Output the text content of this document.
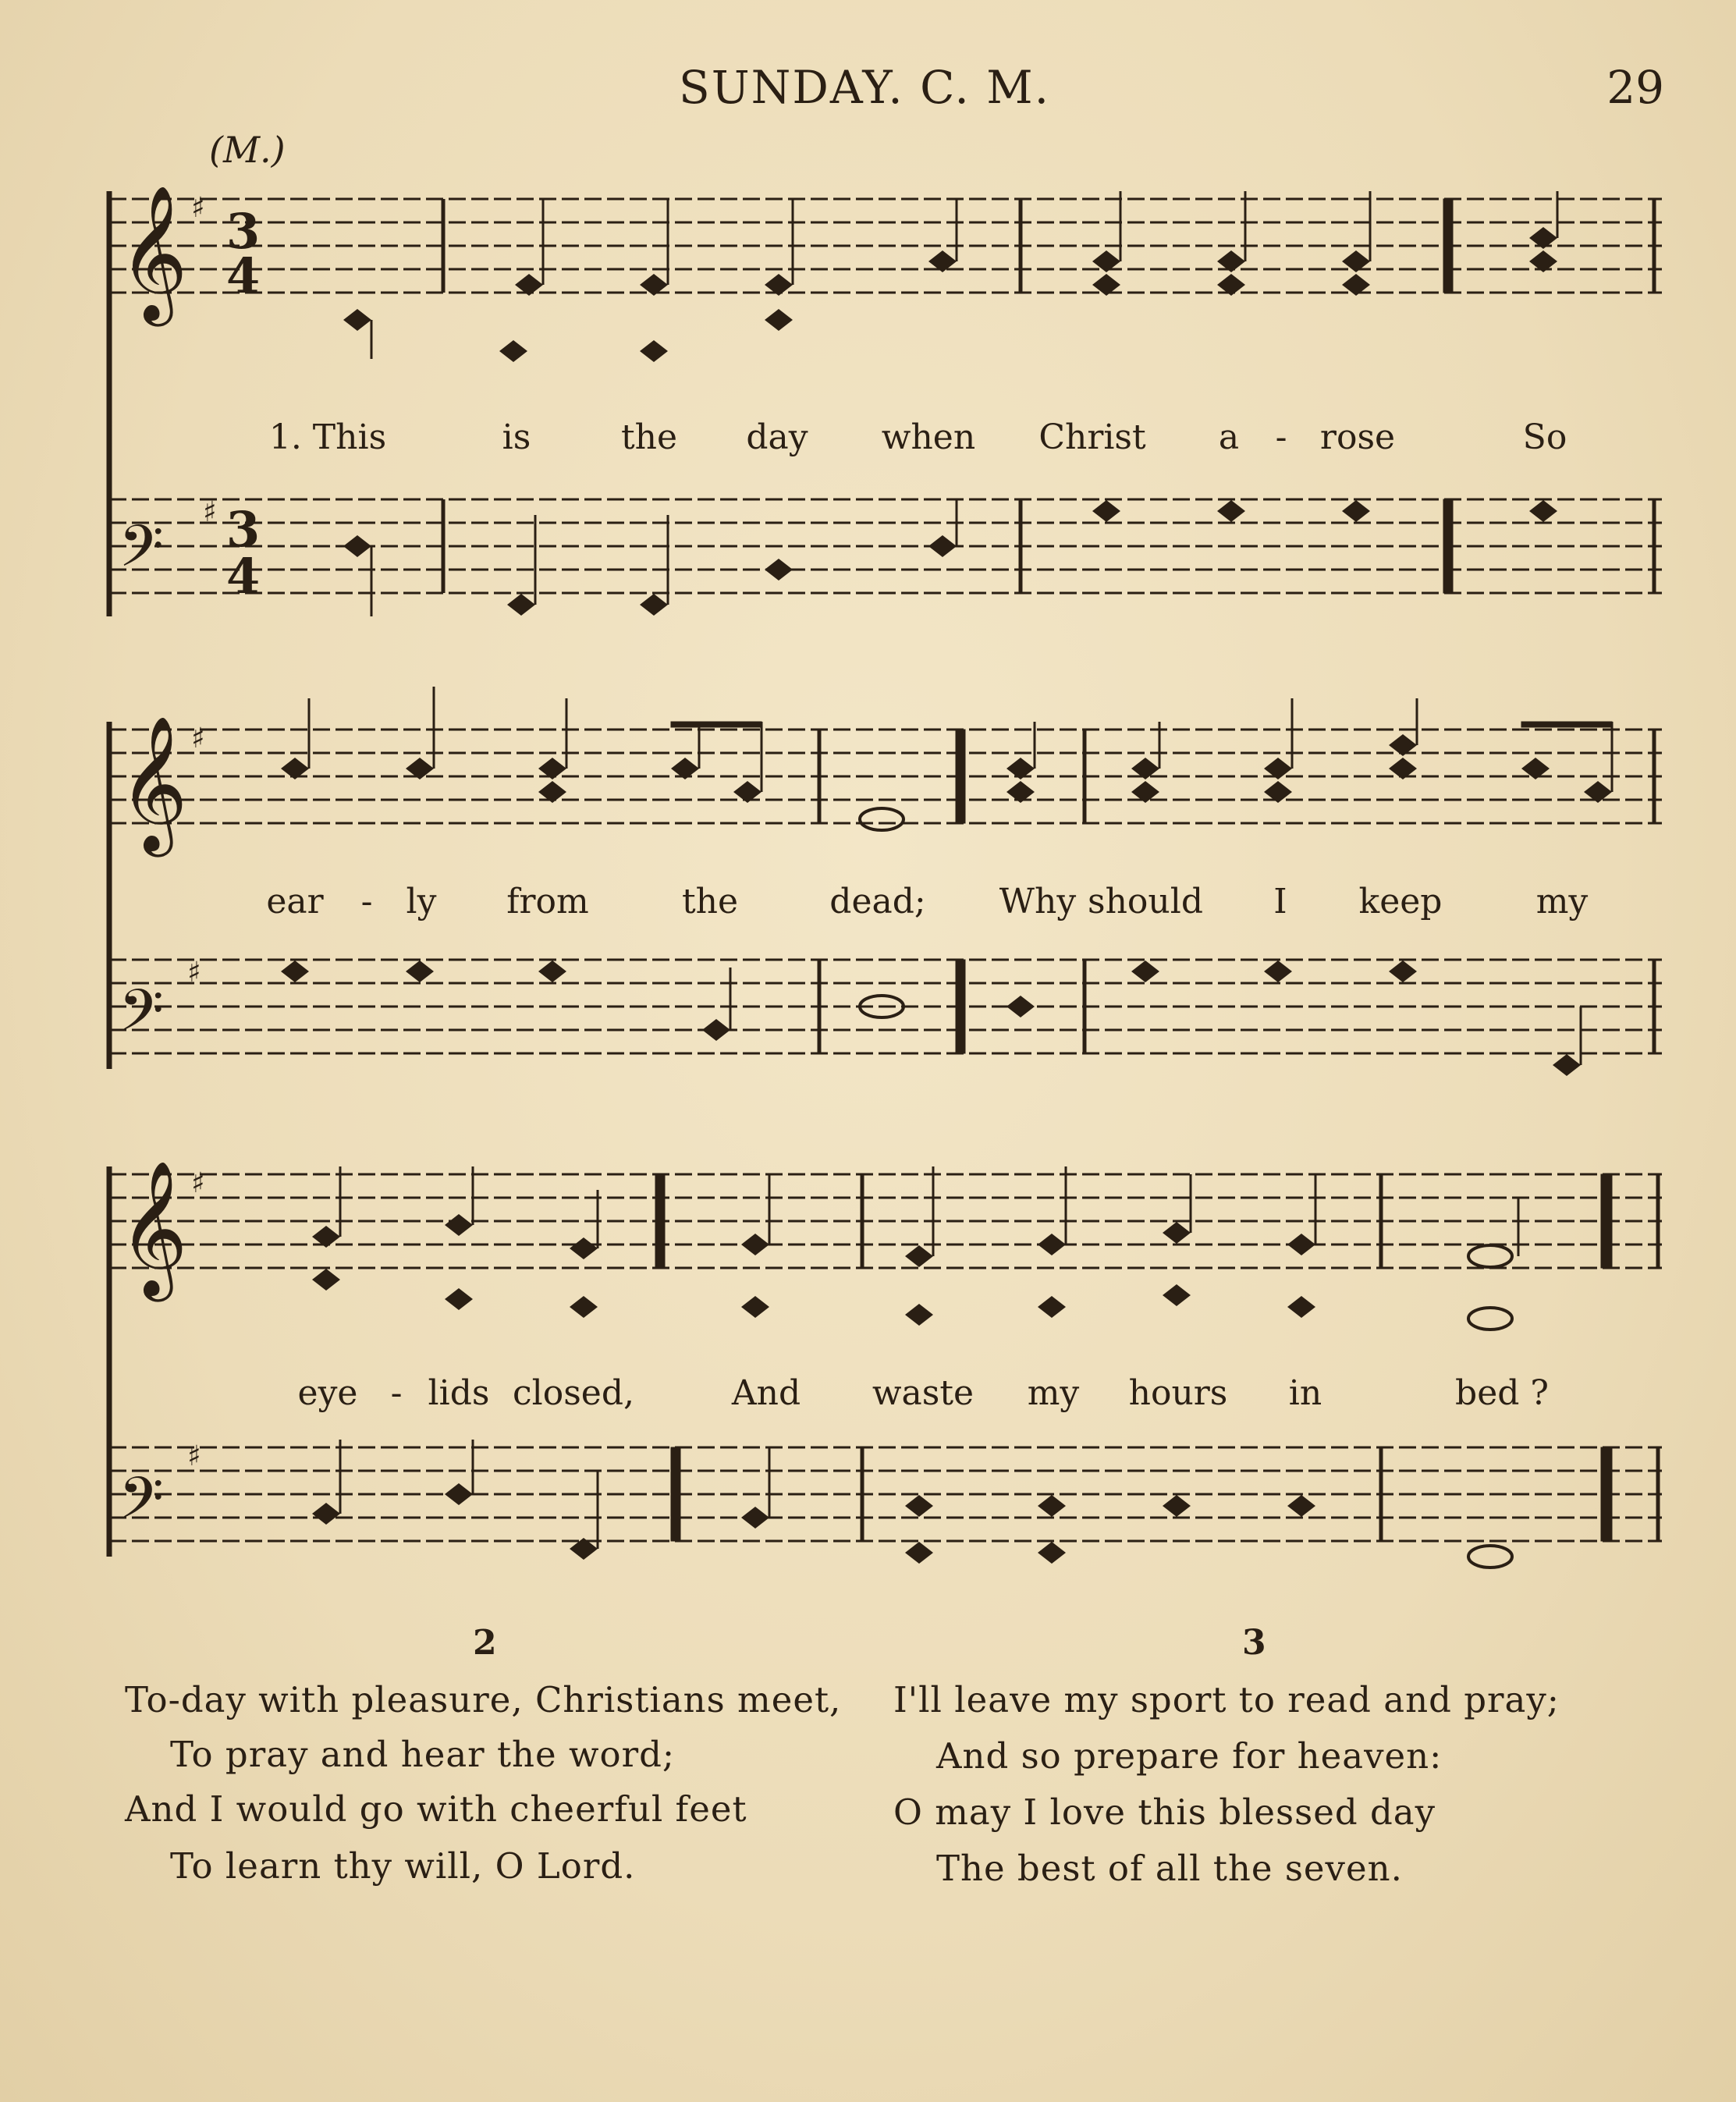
SUNDAY. C. M.	29
(M.)
𝄞
𝄢
♯
♯
3
4
3
4
𝄞
𝄢
♯
♯
𝄞
𝄢
♯
♯
1. This	is	the day when Christ a - rose	So
ear - ly from	the	dead; Why should I keep	my
eye - lids closed,	And waste my hours in	bed ?
2	3
To-day with pleasure, Christians meet,
To pray and hear the word;
And I would go with cheerful feet
To learn thy will, O Lord.
I'll leave my sport to read and pray;
And so prepare for heaven:
O may I love this blessed day
The best of all the seven.
